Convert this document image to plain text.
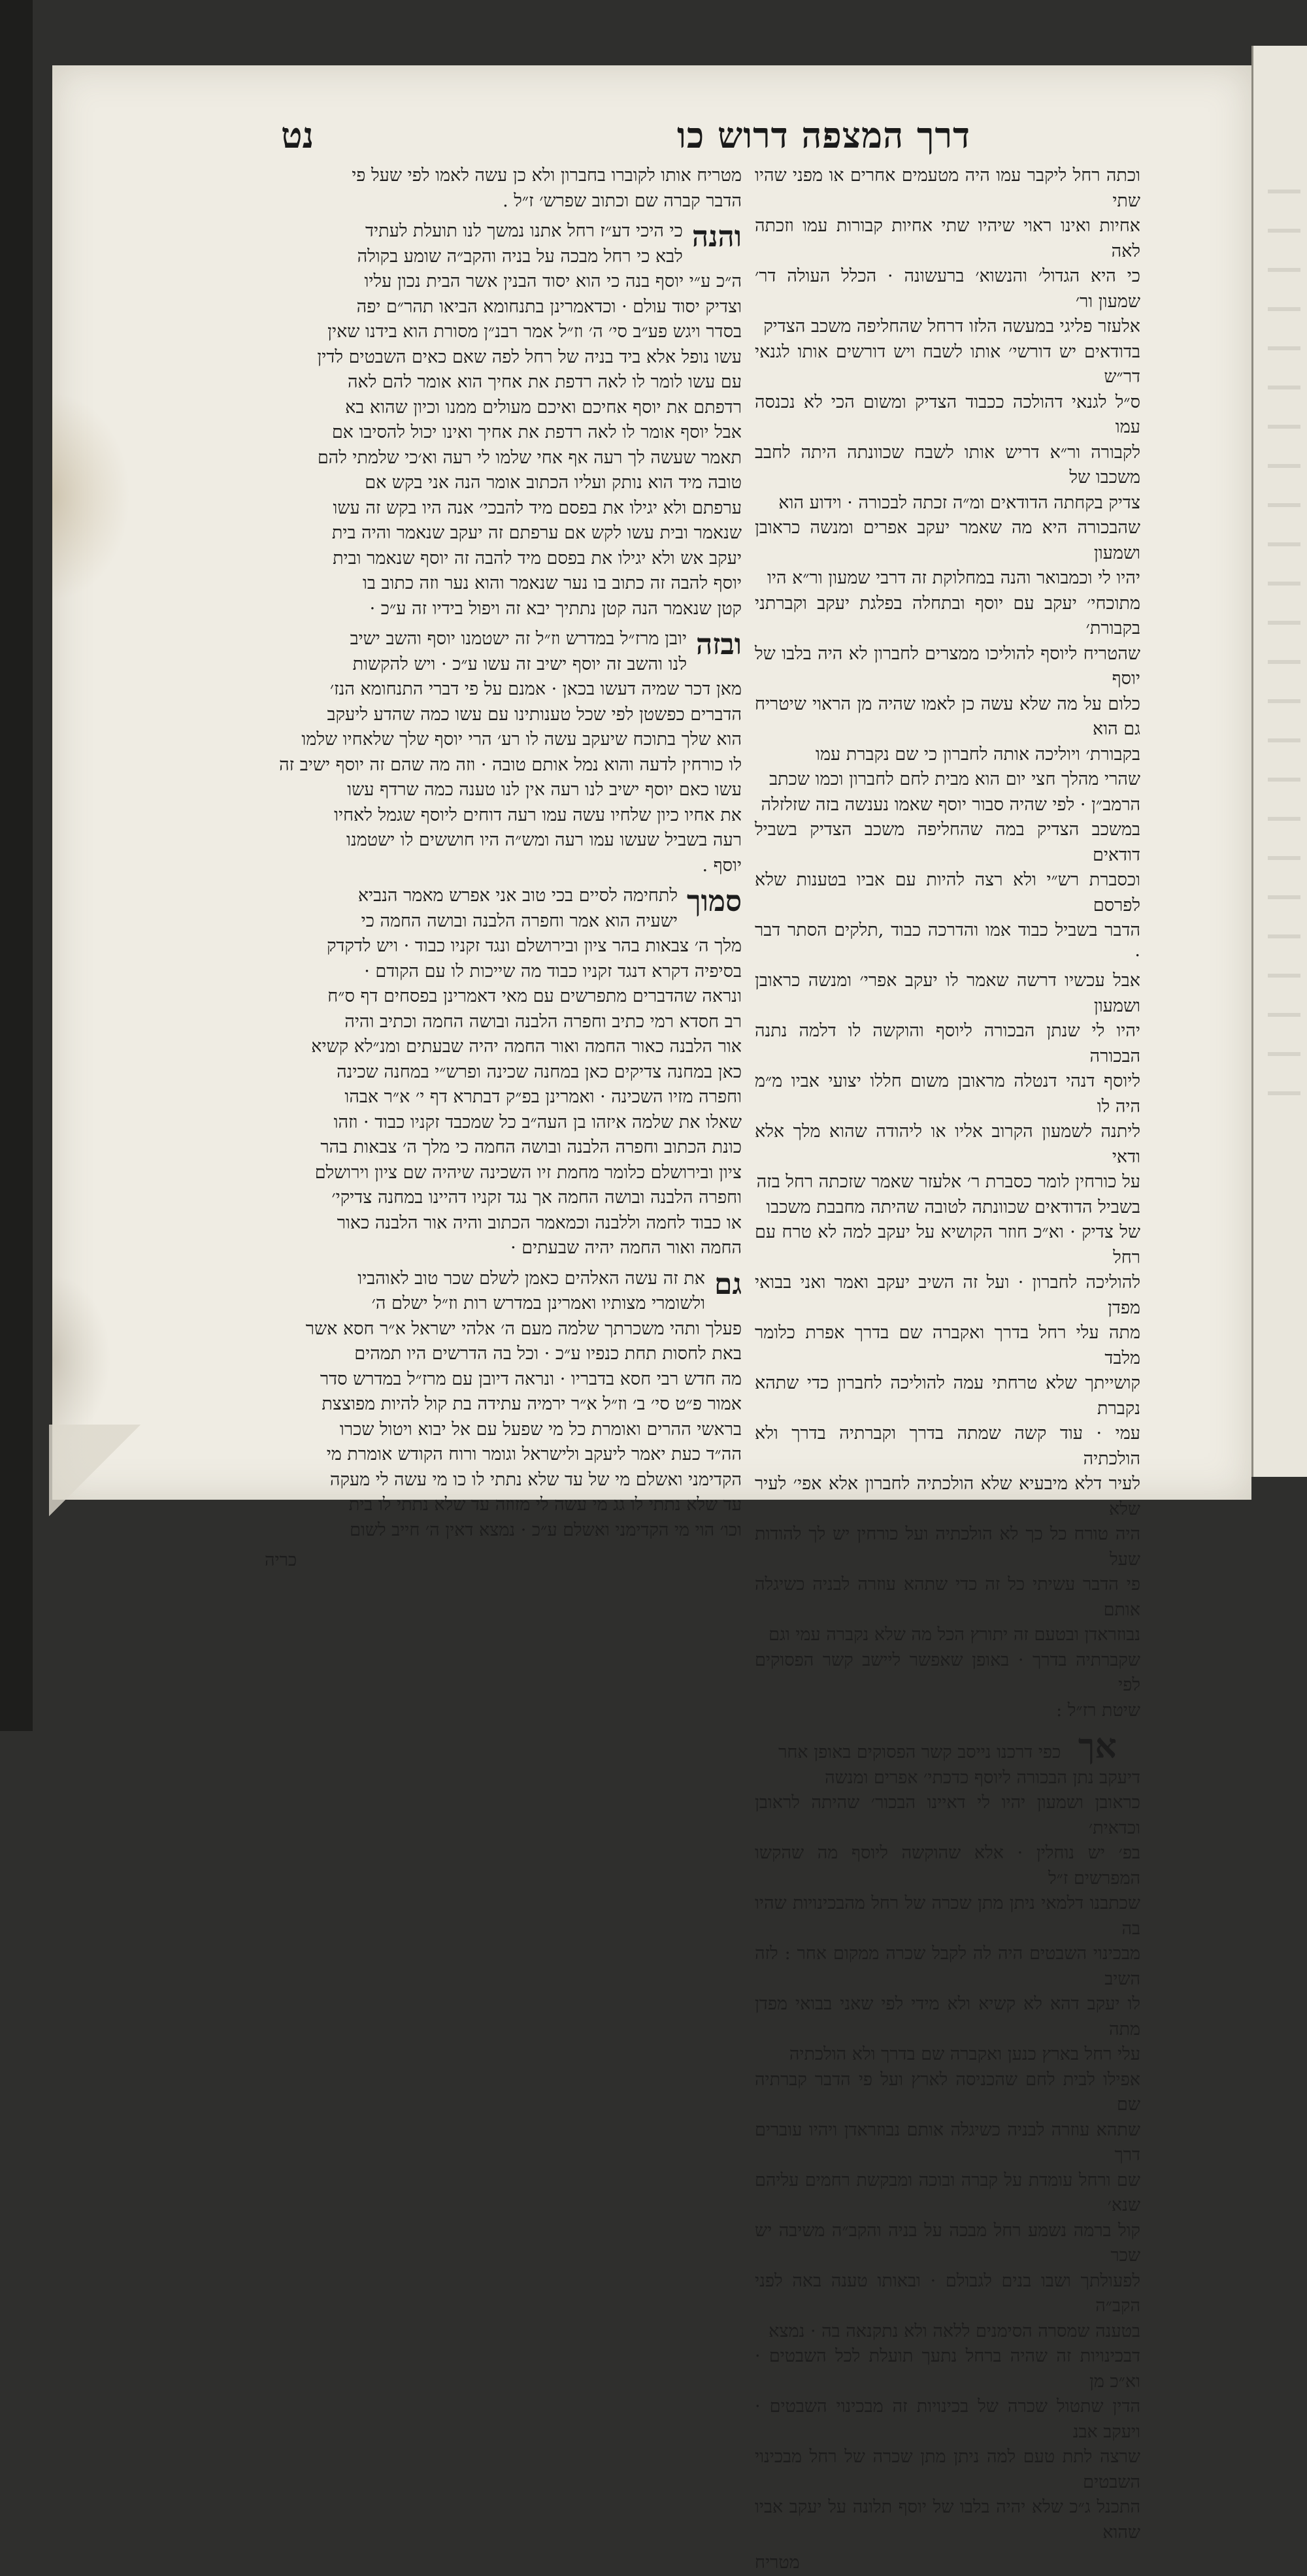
דרך המצפה דרוש כו
נט
וכתה רחל ליקבר עמו היה מטעמים אחרים או מפני שהיו שתי
אחיות ואינו ראוי שיהיו שתי אחיות קבורות עמו וזכתה לאה
כי היא הגדול׳ והנשוא׳ ברעשונה · הכלל העולה דר׳ שמעון ור׳
אלעזר פליגי במעשה הלזו דרחל שהחליפה משכב הצדיק
בדודאים יש דורשי׳ אותו לשבח ויש דורשים אותו לגנאי דר״ש
ס״ל לגנאי דהולכה ככבוד הצדיק ומשום הכי לא נכנסה עמו
לקבורה ור״א דריש אותו לשבח שכוונתה היתה לחבב משכבו של
צדיק בקחתה הדודאים ומ״ה זכתה לבכורה · וידוע הוא
שהבכורה היא מה שאמר יעקב אפרים ומנשה כראובן ושמעון
יהיו לי וכמבואר והנה במחלוקת זה דרבי שמעון ור״א היו
מתוכחי׳ יעקב עם יוסף ובתחלה בפלגת יעקב וקברתני בקבורת׳
שהטריח ליוסף להוליכו ממצרים לחברון לא היה בלבו של יוסף
כלום על מה שלא עשה כן לאמו שהיה מן הראוי שיטריח גם הוא
בקבורת׳ ויוליכה אותה לחברון כי שם נקברת עמו
שהרי מהלך חצי יום הוא מבית לחם לחברון וכמו שכתב
הרמב״ן · לפי שהיה סבור יוסף שאמו נענשה בזה שזלזלה
במשכב הצדיק במה שהחליפה משכב הצדיק בשביל דודאים
וכסברת רש״י ולא רצה להיות עם אביו בטענות שלא לפרסם
הדבר בשביל כבוד אמו והדרכה כבוד ,תלקים הסתר דבר ·
אבל עכשיו דרשה שאמר לו יעקב אפרי׳ ומנשה כראובן ושמעון
יהיו לי שנתן הבכורה ליוסף והוקשה לו דלמה נתנה הבכורה
ליוסף דנהי דנטלה מראובן משום חללו יצועי אביו מ״מ היה לו
ליתנה לשמעון הקרוב אליו או ליהודה שהוא מלך אלא ודאי
על כורחין לומר כסברת ר׳ אלעזר שאמר שזכתה רחל בזה
בשביל הדודאים שכוונתה לטובה שהיתה מחבבת משכבו
של צדיק · וא״כ חוזר הקושיא על יעקב למה לא טרח עם רחל
להוליכה לחברון · ועל זה השיב יעקב ואמר ואני בבואי מפדן
מתה עלי רחל בדרך ואקברה שם בדרך אפרת כלומר מלבד
קושייתך שלא טרחתי עמה להוליכה לחברון כדי שתהא נקברת
עמי · עוד קשה שמתה בדרך וקברתיה בדרך ולא הולכתיה
לעיר דלא מיבעיא שלא הולכתיה לחברון אלא אפי׳ לעיר שלא
היה טורח כל כך לא הולכתיה ועל כורחין יש לך להודות שעל
פי הדבר עשיתי כל זה כדי שתהא עוזרה לבניה כשיגלה אותם
נבוזראדן ובטעם זה יתורץ הכל מה שלא נקברה עמי וגם
שקברתיה בדרך · באופן שאפשר ליישב קשר הפסוקים לפי
שיטת רז״ל :
אך כפי דרכנו נייסב קשר הפסוקים באופן אחר
דיעקב נתן הבכורה ליוסף כדכתי׳ אפרים ומנשה
כראובן ושמעון יהיו לי דאיינו הבכור׳ שהיתה לראובן וכדאית׳
בפ׳ יש נוחלין · אלא שהוקשה ליוסף מה שהקשו המפרשים ז״ל
שכתבנו דלמאי ניתן מתן שכרה של רחל מהבכינויות שהיו בה
מבכינוי השבטים היה לה לקבל שכרה ממקום אחר : לזה השיב
לו יעקב דהא לא קשיא ולא מידי לפי שאני בבואי מפדן מתה
עלי רחל בארץ כנען ואקברה שם בדרך ולא הולכתיה
אפילו לבית לחם שהכניסה לארץ ועל פי הדבר קברתיה שם
שתהא עוזרה לבניה כשיגלה אותם נבוזראדן ויהיו עוברים דרך
שם ורחל עומדת על קברה ובוכה ומבקשת רחמים עליהם שנא׳
קול ברמה נשמע רחל מבכה על בניה והקב״ה משיבה יש שכר
לפעולתך ושבו בנים לגבולם · ובאותו טענה באה לפני הקב״ה
בטענה שמסרה הסימנים ללאה ולא נתקנאה בה · נמצא
דבכינויות זה שהיה ברחל נתעך תועלת לכל השבטים · וא״כ מן
הדין שתטול שכרה של בכינויות זה מבכינוי השבטים · ויעקב אבנ
שרצה לתת טעם למה ניתן מתן שכרה של רחל מבכינוי השבטים
התכנל ג״כ שלא יהיה בלבו של יוסף תלונה על יעקב אביו שהוא
מטריח
מטריח אותו לקוברו בחברון ולא כן עשה לאמו לפי שעל פי
הדבר קברה שם וכתוב שפרש׳ ז״ל .
והנה
כי היכי דע״ז רחל אתנו נמשך לנו תועלת לעתיד
לבא כי רחל מבכה על בניה והקב״ה שומע בקולה
ה״כ ע״י יוסף בנה כי הוא יסוד הבנין אשר הבית נכון עליו
וצדיק יסוד עולם · וכדאמרינן בתנחומא הביאו תהר״ם יפה
בסדר ויגש פע״ב סי׳ ה׳ וז״ל אמר רבנ״ן מסורת הוא בידנו שאין
עשו נופל אלא ביד בניה של רחל לפה שאם כאים השבטים לדין
עם עשו לומר לו לאה רדפת את אחיך הוא אומר להם לאה
רדפתם את יוסף אחיכם ואיכם מעולים ממנו וכיון שהוא בא
אבל יוסף אומר לו לאה רדפת את אחיך ואינו יכול להסיבו אם
תאמר שעשה לך רעה אף אחי שלמו לי רעה וא׳כי שלמתי להם
טובה מיד הוא נותק ועליו הכתוב אומר הנה אני בקש אם
ערפתם ולא יגילו את בפסם מיד להבכי׳ אנה היו בקש זה עשו
שנאמר ובית עשו לקש אם ערפתם זה יעקב שנאמר והיה בית
יעקב אש ולא יגילו את בפסם מיד להבה זה יוסף שנאמר ובית
יוסף להבה זה כתוב בו נער שנאמר והוא נער וזה כתוב בו
קטן שנאמר הנה קטן נתתיך יבא זה ויפול בידיו זה ע״כ ·
ובזה
יובן מרז״ל במדרש וז״ל זה ישטמנו יוסף והשב ישיב
לנו והשב זה יוסף ישיב זה עשו ע״כ · ויש להקשות
מאן דכר שמיה דעשו בכאן · אמנם על פי דברי התנחומא הנז׳
הדברים כפשטן לפי שכל טענותינו עם עשו כמה שהדע ליעקב
הוא שלך בתוכח שיעקב עשה לו רע׳ הרי יוסף שלך שלאחיו שלמו
לו כורחין לדעה והוא נמל אותם טובה · וזה מה שהם זה יוסף ישיב זה
עשו כאם יוסף ישיב לנו רעה אין לנו טענה כמה שרדף עשו
את אחיו כיון שלחיו עשה עמו רעה דוחים ליוסף שגמל לאחיו
רעה בשביל שעשו עמו רעה ומש״ה היו חוששים לו ישטמנו
יוסף .
סמוך
לתחימה לסיים בכי טוב אני אפרש מאמר הנביא
ישעיה הוא אמר וחפרה הלבנה ובושה החמה כי
מלך ה׳ צבאות בהר ציון ובירושלם ונגד זקניו כבוד · ויש לדקדק
בסיפיה דקרא דנגד זקניו כבוד מה שייכות לו עם הקודם ·
ונראה שהדברים מתפרשים עם מאי דאמרינן בפסחים דף ס״ח
רב חסדא רמי כתיב וחפרה הלבנה ובושה החמה וכתיב והיה
אור הלבנה כאור החמה ואור החמה יהיה שבעתים ומנ״לא קשיא
כאן במחנה צדיקים כאן במחנה שכינה ופרש״י במחנה שכינה
וחפרה מזיו השכינה · ואמרינן בפ״ק דבתרא דף י׳ א״ר אבהו
שאלו את שלמה איזהו בן העה״ב כל שמכבד זקניו כבוד · וזהו
כונת הכתוב וחפרה הלבנה ובושה החמה כי מלך ה׳ צבאות בהר
ציון ובירושלם כלומר מחמת זיו השכינה שיהיה שם ציון וירושלם
וחפרה הלבנה ובושה החמה אך נגד זקניו דהיינו במחנה צדיקי׳
או כבוד לחמה וללבנה וכמאמר הכתוב והיה אור הלבנה כאור
החמה ואור החמה יהיה שבעתים ·
גם
את זה עשה האלהים כאמן לשלם שכר טוב לאוהביו
ולשומרי מצותיו ואמרינן במדרש רות וז״ל ישלם ה׳
פעלך ותהי משכרתך שלמה מעם ה׳ אלהי ישראל א״ר חסא אשר
באת לחסות תחת כנפיו ע״כ · וכל בה הדרשים היו תמהים
מה חדש רבי חסא בדבריו · ונראה דיובן עם מרז״ל במדרש סדר
אמור פ״ט סי׳ ב׳ וז״ל א״ר ירמיה עתידה בת קול להיות מפוצצת
בראשי ההרים ואומרת כל מי שפעל עם אל יבוא ויטול שכרו
הה״ד כעת יאמר ליעקב ולישראל וגומר ורוח הקודש אומרת מי
הקדימני ואשלם מי של עד שלא נתתי לו כו מי עשה לי מעקה
עד שלא נתתי לו גג מי עשה לי מזוזה עד שלא נתתי לו בית
וכו׳ הוי מי הקדימני ואשלם ע״כ · נמצא דאין ה׳ חייב לשום
כריה
